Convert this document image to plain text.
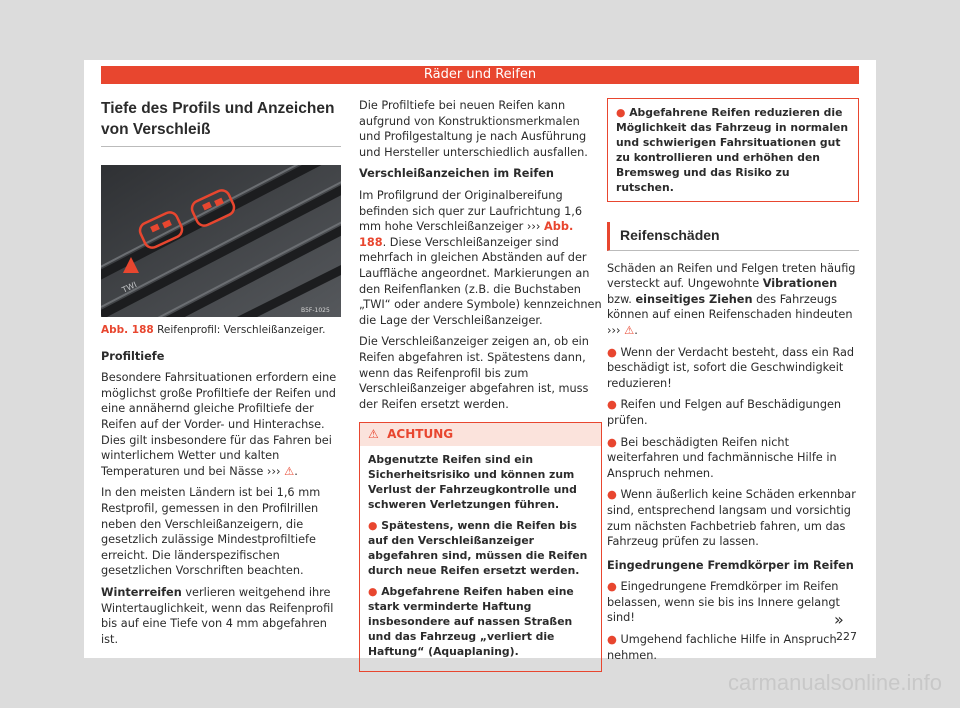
Räder und Reifen
Tiefe des Profils und Anzeichen von Verschleiß
TWI
B5F-1025
Abb. 188 Reifenprofil: Verschleißanzeiger.

Profiltiefe

Besondere Fahrsituationen erfordern eine möglichst große Profiltiefe der Reifen und eine annähernd gleiche Profiltiefe der Reifen auf der Vorder- und Hinterachse. Dies gilt insbesondere für das Fahren bei winterlichem Wetter und kalten Temperaturen und bei Nässe ››› ⚠.

In den meisten Ländern ist bei 1,6 mm Restprofil, gemessen in den Profilrillen neben den Verschleißanzeigern, die gesetzlich zulässige Mindestprofiltiefe erreicht. Die länderspezifischen gesetzlichen Vorschriften beachten.

Winterreifen verlieren weitgehend ihre Wintertauglichkeit, wenn das Reifenprofil bis auf eine Tiefe von 4 mm abgefahren ist.

Die Profiltiefe bei neuen Reifen kann aufgrund von Konstruktionsmerkmalen und Profilgestaltung je nach Ausführung und Hersteller unterschiedlich ausfallen.

Verschleißanzeichen im Reifen

Im Profilgrund der Originalbereifung befinden sich quer zur Laufrichtung 1,6 mm hohe Verschleißanzeiger ››› Abb. 188. Diese Verschleißanzeiger sind mehrfach in gleichen Abständen auf der Lauffläche angeordnet. Markierungen an den Reifenflanken (z.B. die Buchstaben „TWI“ oder andere Symbole) kennzeichnen die Lage der Verschleißanzeiger.

Die Verschleißanzeiger zeigen an, ob ein Reifen abgefahren ist. Spätestens dann, wenn das Reifenprofil bis zum Verschleißanzeiger abgefahren ist, muss der Reifen ersetzt werden.

⚠ ACHTUNG

Abgenutzte Reifen sind ein Sicherheitsrisiko und können zum Verlust der Fahrzeugkontrolle und schweren Verletzungen führen.

● Spätestens, wenn die Reifen bis auf den Verschleißanzeiger abgefahren sind, müssen die Reifen durch neue Reifen ersetzt werden.

● Abgefahrene Reifen haben eine stark verminderte Haftung insbesondere auf nassen Straßen und das Fahrzeug „verliert die Haftung“ (Aquaplaning).

● Abgefahrene Reifen reduzieren die Möglichkeit das Fahrzeug in normalen und schwierigen Fahrsituationen gut zu kontrollieren und erhöhen den Bremsweg und das Risiko zu rutschen.
Reifenschäden

Schäden an Reifen und Felgen treten häufig versteckt auf. Ungewohnte Vibrationen bzw. einseitiges Ziehen des Fahrzeugs können auf einen Reifenschaden hindeuten ››› ⚠.

● Wenn der Verdacht besteht, dass ein Rad beschädigt ist, sofort die Geschwindigkeit reduzieren!

● Reifen und Felgen auf Beschädigungen prüfen.

● Bei beschädigten Reifen nicht weiterfahren und fachmännische Hilfe in Anspruch nehmen.

● Wenn äußerlich keine Schäden erkennbar sind, entsprechend langsam und vorsichtig zum nächsten Fachbetrieb fahren, um das Fahrzeug prüfen zu lassen.

Eingedrungene Fremdkörper im Reifen

● Eingedrungene Fremdkörper im Reifen belassen, wenn sie bis ins Innere gelangt sind!

● Umgehend fachliche Hilfe in Anspruch nehmen.

»
227
carmanualsonline.info
